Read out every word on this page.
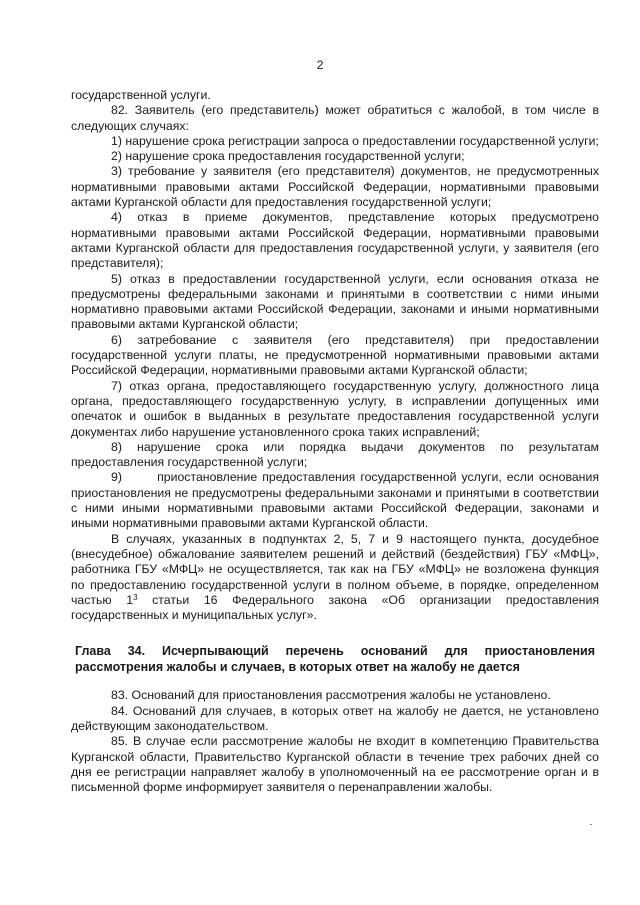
2

государственной услуги.

82. Заявитель (его представитель) может обратиться с жалобой, в том числе в следующих случаях:

1) нарушение срока регистрации запроса о предоставлении государственной услуги;

2) нарушение срока предоставления государственной услуги;

3) требование у заявителя (его представителя) документов, не предусмотренных нормативными правовыми актами Российской Федерации, нормативными правовыми актами Курганской области для предоставления государственной услуги;

4) отказ в приеме документов, представление которых предусмотрено нормативными правовыми актами Российской Федерации, нормативными правовыми актами Курганской области для предоставления государственной услуги, у заявителя (его представителя);

5) отказ в предоставлении государственной услуги, если основания отказа не предусмотрены федеральными законами и принятыми в соответствии с ними иными нормативно правовыми актами Российской Федерации, законами и иными нормативными правовыми актами Курганской области;

6) затребование с заявителя (его представителя) при предоставлении государственной услуги платы, не предусмотренной нормативными правовыми актами Российской Федерации, нормативными правовыми актами Курганской области;

7) отказ органа, предоставляющего государственную услугу, должностного лица органа, предоставляющего государственную услугу, в исправлении допущенных ими опечаток и ошибок в выданных в результате предоставления государственной услуги документах либо нарушение установленного срока таких исправлений;

8) нарушение срока или порядка выдачи документов по результатам предоставления государственной услуги;

9)       приостановление предоставления государственной услуги, если основания приостановления не предусмотрены федеральными законами и принятыми в соответствии с ними иными нормативными правовыми актами Российской Федерации, законами и иными нормативными правовыми актами Курганской области.

В случаях, указанных в подпунктах 2, 5, 7 и 9 настоящего пункта, досудебное (внесудебное) обжалование заявителем решений и действий (бездействия) ГБУ «МФЦ», работника ГБУ «МФЦ» не осуществляется, так как на ГБУ «МФЦ» не возложена функция по предоставлению государственной услуги в полном объеме, в порядке, определенном частью $1^3$ статьи 16 Федерального закона «Об организации предоставления государственных и муниципальных услуг».

Глава 34. Исчерпывающий перечень оснований для приостановления рассмотрения жалобы и случаев, в которых ответ на жалобу не дается

83. Оснований для приостановления рассмотрения жалобы не установлено.

84. Оснований для случаев, в которых ответ на жалобу не дается, не установлено действующим законодательством.

85. В случае если рассмотрение жалобы не входит в компетенцию Правительства Курганской области, Правительство Курганской области в течение трех рабочих дней со дня ее регистрации направляет жалобу в уполномоченный на ее рассмотрение орган и в письменной форме информирует заявителя о перенаправлении жалобы.
